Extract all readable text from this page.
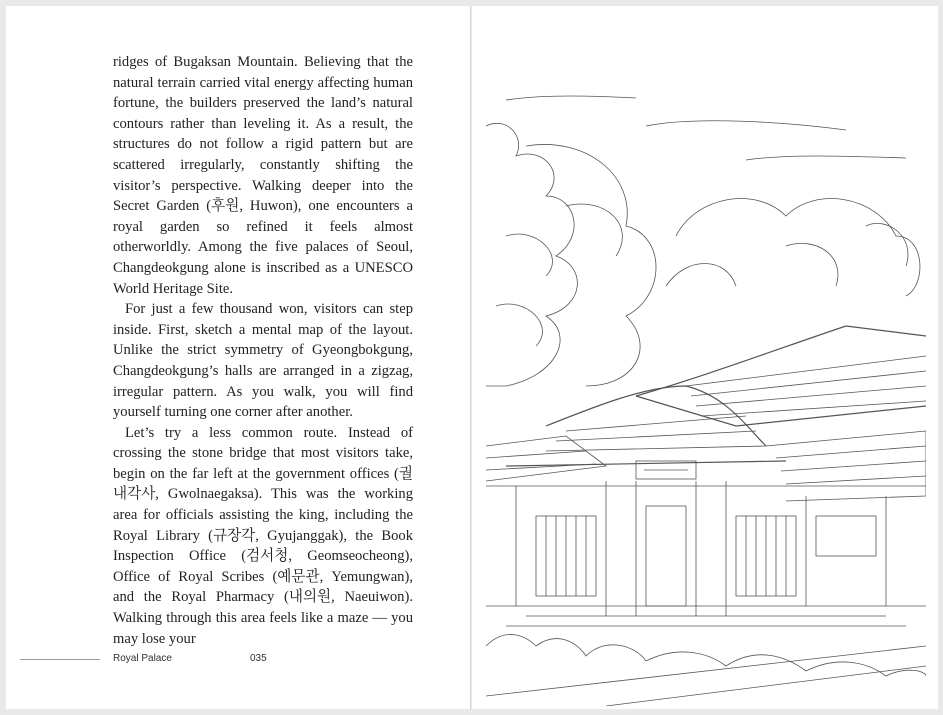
ridges of Bugaksan Mountain. Believing that the natural terrain carried vital energy affecting human fortune, the builders preserved the land’s natural contours rather than leveling it. As a result, the structures do not follow a rigid pattern but are scattered irregularly, constantly shifting the visitor’s perspective. Walking deeper into the Secret Garden (후원, Huwon), one encounters a royal garden so refined it feels almost otherworldly. Among the five palaces of Seoul, Changdeokgung alone is inscribed as a UNESCO World Heritage Site.

For just a few thousand won, visitors can step inside. First, sketch a mental map of the layout. Unlike the strict symmetry of Gyeongbokgung, Changdeokgung’s halls are arranged in a zigzag, irregular pattern. As you walk, you will find yourself turning one corner after another.

Let’s try a less common route. Instead of crossing the stone bridge that most visitors take, begin on the far left at the government offices (궐내각사, Gwolnaegaksa). This was the working area for officials assisting the king, including the Royal Library (규장각, Gyujanggak), the Book Inspection Office (검서청, Geomseocheong), Office of Royal Scribes (예문관, Yemungwan), and the Royal Pharmacy (내의원, Naeuiwon). Walking through this area feels like a maze — you may lose your

Royal Palace	035
